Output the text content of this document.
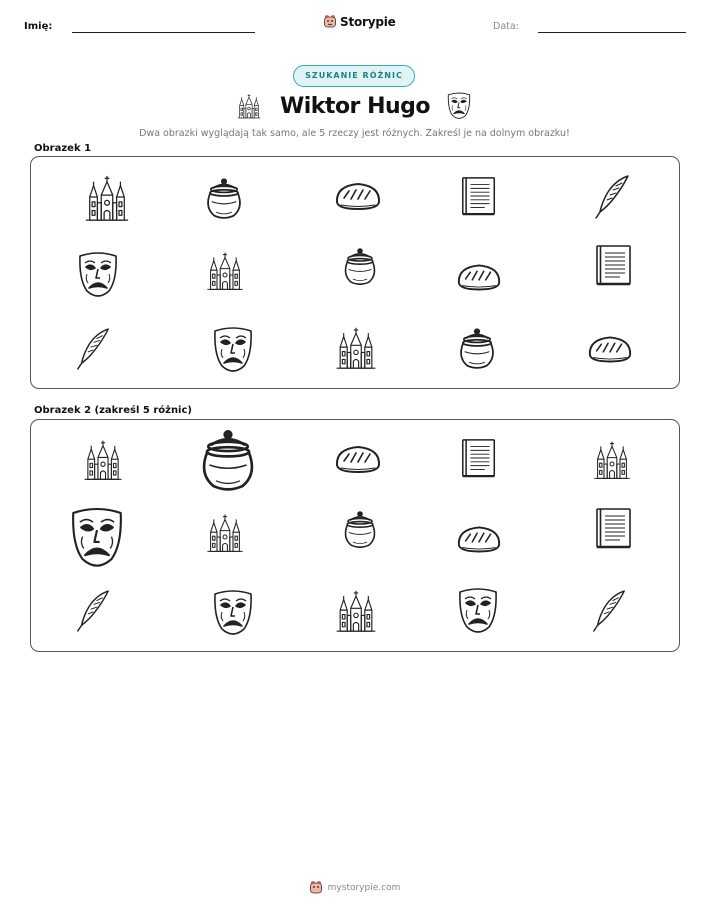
Imię:	Storypie	Data:
SZUKANIE RÓŻNIC
Wiktor Hugo
Dwa obrazki wyglądają tak samo, ale 5 rzeczy jest różnych. Zakreśl je na dolnym obrazku!
Obrazek 1
Obrazek 2 (zakreśl 5 różnic)
mystorypie.com
